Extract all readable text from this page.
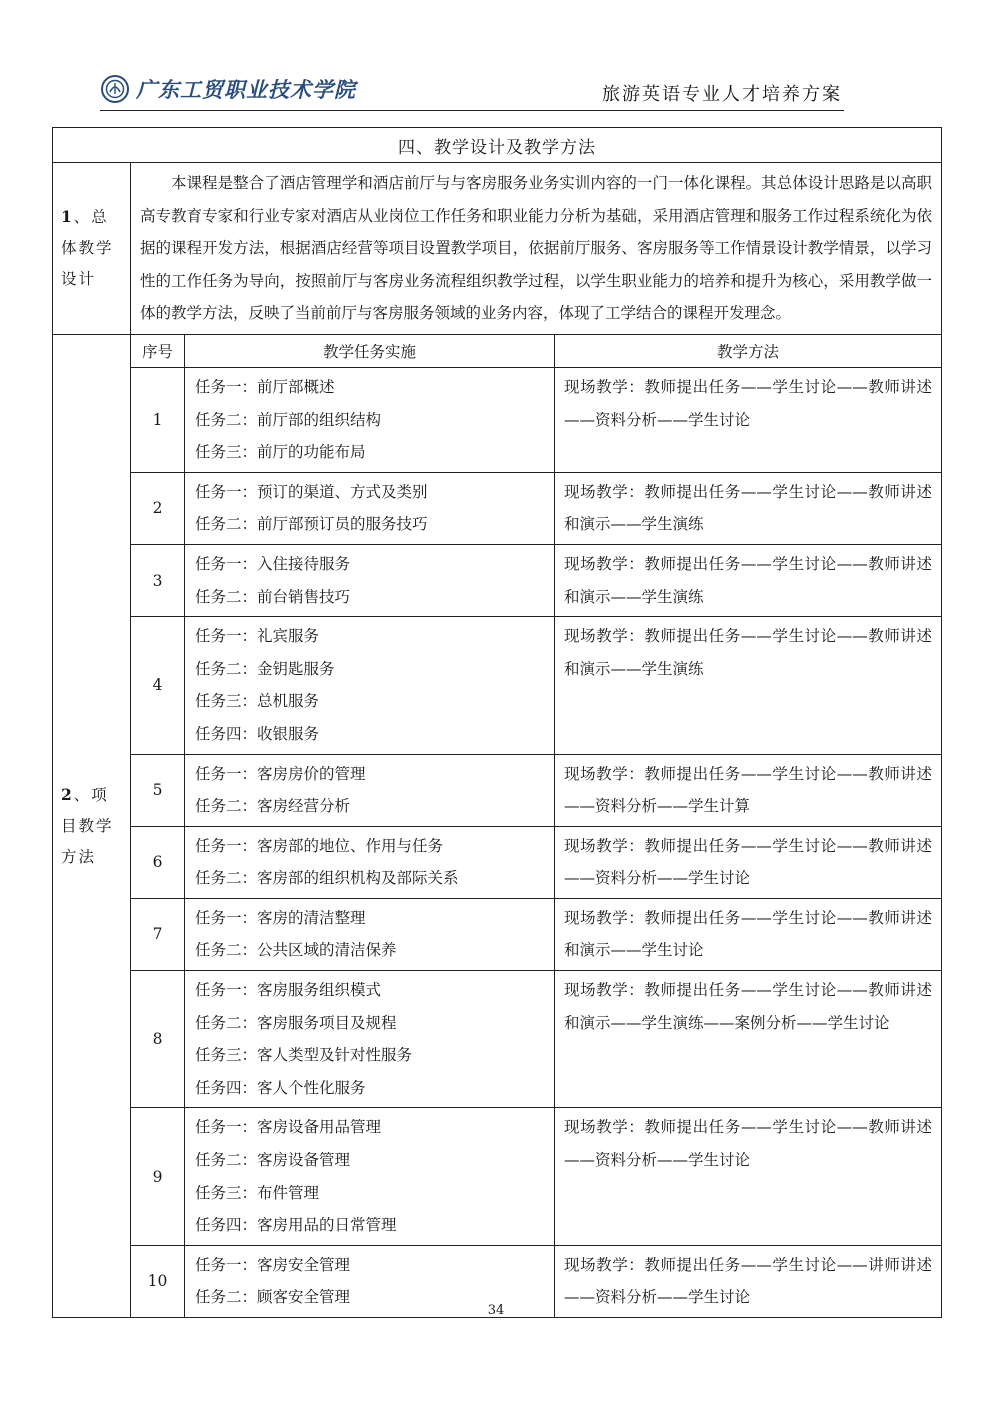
广东工贸职业技术学院	旅游英语专业人才培养方案
四、教学设计及教学方法			
1、总体教学设计	本课程是整合了酒店管理学和酒店前厅与与客房服务业务实训内容的一门一体化课程。其总体设计思路是以高职高专教育专家和行业专家对酒店从业岗位工作任务和职业能力分析为基础，采用酒店管理和服务工作过程系统化为依据的课程开发方法，根据酒店经营等项目设置教学项目，依据前厅服务、客房服务等工作情景设计教学情景，以学习性的工作任务为导向，按照前厅与客房业务流程组织教学过程，以学生职业能力的培养和提升为核心，采用教学做一体的教学方法，反映了当前前厅与客房服务领域的业务内容，体现了工学结合的课程开发理念。		
2、项目教学方法	序号	教学任务实施	教学方法
	1	任务一：前厅部概述
任务二：前厅部的组织结构
任务三：前厅的功能布局	现场教学：教师提出任务——学生讨论——教师讲述——资料分析——学生讨论
	2	任务一：预订的渠道、方式及类别
任务二：前厅部预订员的服务技巧	现场教学：教师提出任务——学生讨论——教师讲述和演示——学生演练
	3	任务一：入住接待服务
任务二：前台销售技巧	现场教学：教师提出任务——学生讨论——教师讲述和演示——学生演练
	4	任务一：礼宾服务
任务二：金钥匙服务
任务三：总机服务
任务四：收银服务	现场教学：教师提出任务——学生讨论——教师讲述和演示——学生演练
	5	任务一：客房房价的管理
任务二：客房经营分析	现场教学：教师提出任务——学生讨论——教师讲述——资料分析——学生计算
	6	任务一：客房部的地位、作用与任务
任务二：客房部的组织机构及部际关系	现场教学：教师提出任务——学生讨论——教师讲述——资料分析——学生讨论
	7	任务一：客房的清洁整理
任务二：公共区域的清洁保养	现场教学：教师提出任务——学生讨论——教师讲述和演示——学生讨论
	8	任务一：客房服务组织模式
任务二：客房服务项目及规程
任务三：客人类型及针对性服务
任务四：客人个性化服务	现场教学：教师提出任务——学生讨论——教师讲述和演示——学生演练——案例分析——学生讨论
	9	任务一：客房设备用品管理
任务二：客房设备管理
任务三：布件管理
任务四：客房用品的日常管理	现场教学：教师提出任务——学生讨论——教师讲述——资料分析——学生讨论
	10	任务一：客房安全管理
任务二：顾客安全管理	现场教学：教师提出任务——学生讨论——讲师讲述——资料分析——学生讨论
34
